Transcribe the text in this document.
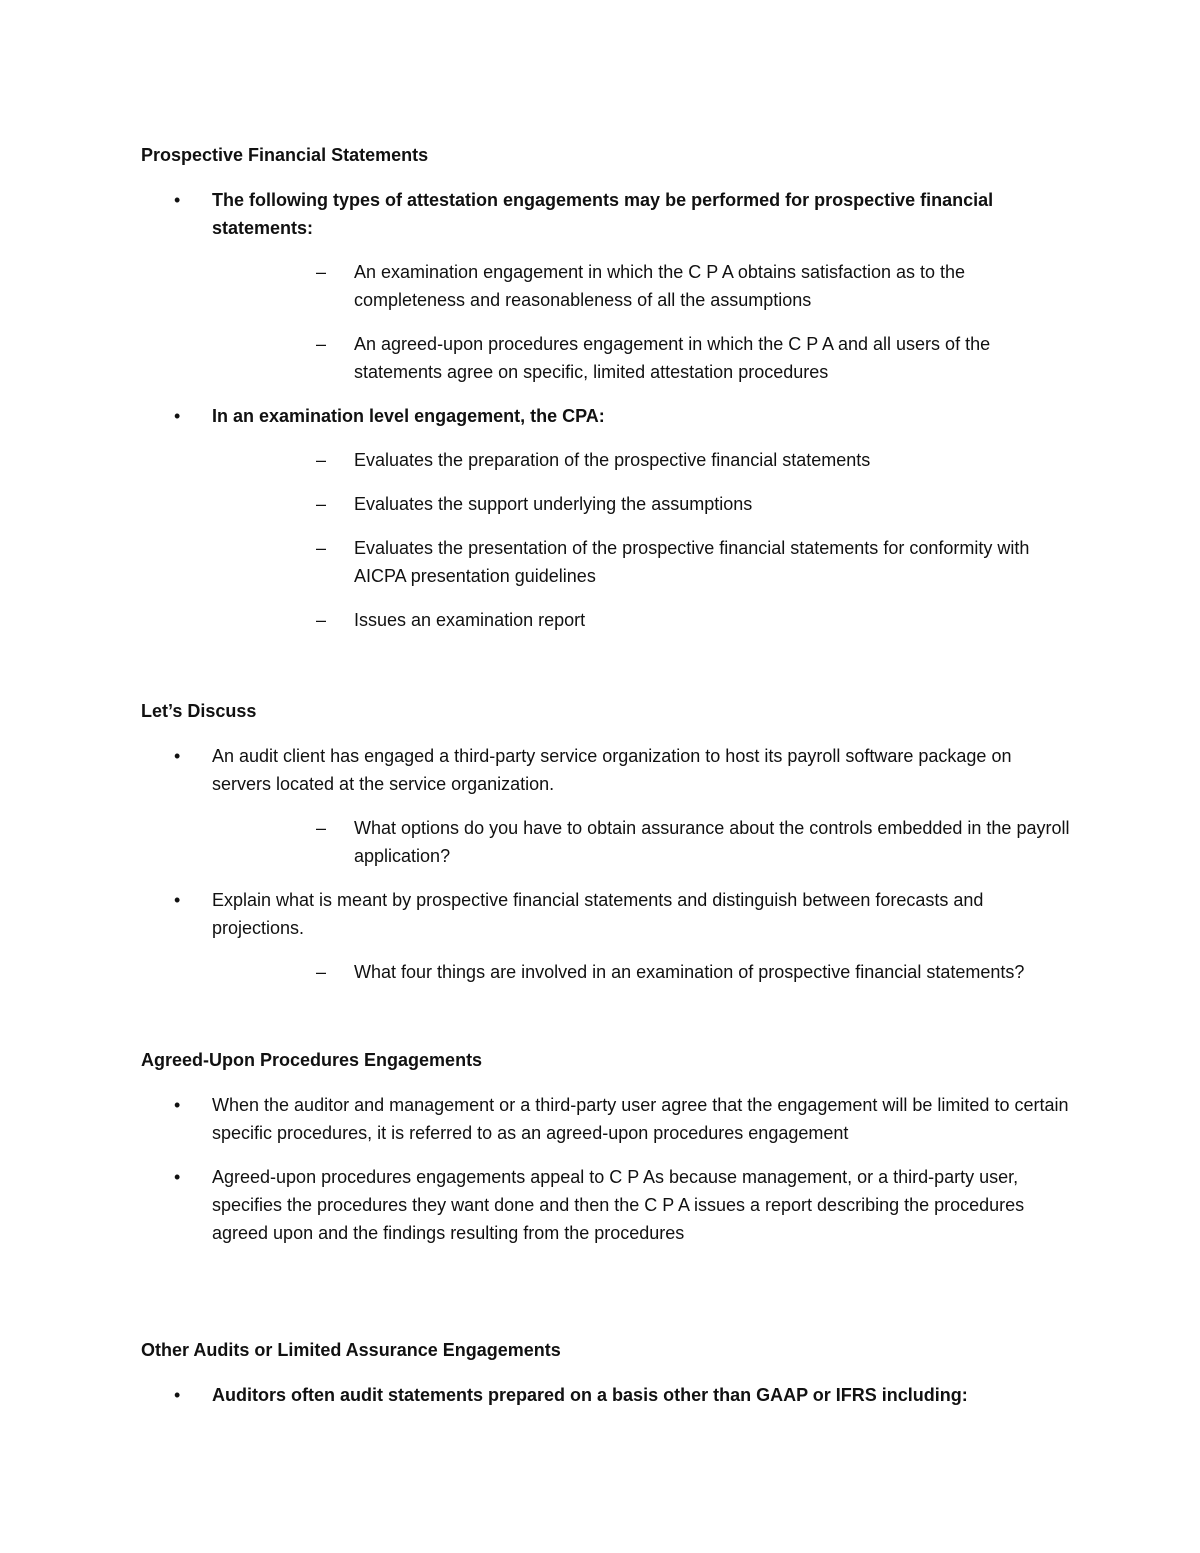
Prospective Financial Statements
•	The following types of attestation engagements may be performed for prospective financial statements:
– An examination engagement in which the C P A obtains satisfaction as to the completeness and reasonableness of all the assumptions
– An agreed-upon procedures engagement in which the C P A and all users of the statements agree on specific, limited attestation procedures
•	In an examination level engagement, the CPA:
– Evaluates the preparation of the prospective financial statements
– Evaluates the support underlying the assumptions
– Evaluates the presentation of the prospective financial statements for conformity with AICPA presentation guidelines
– Issues an examination report
Let’s Discuss
•	An audit client has engaged a third-party service organization to host its payroll software package on servers located at the service organization.
– What options do you have to obtain assurance about the controls embedded in the payroll application?
•	Explain what is meant by prospective financial statements and distinguish between forecasts and projections.
– What four things are involved in an examination of prospective financial statements?
Agreed-Upon Procedures Engagements
•	When the auditor and management or a third-party user agree that the engagement will be limited to certain specific procedures, it is referred to as an agreed-upon procedures engagement
•	Agreed-upon procedures engagements appeal to C P As because management, or a third-party user, specifies the procedures they want done and then the C P A issues a report describing the procedures agreed upon and the findings resulting from the procedures
Other Audits or Limited Assurance Engagements
•	Auditors often audit statements prepared on a basis other than GAAP or IFRS including:
